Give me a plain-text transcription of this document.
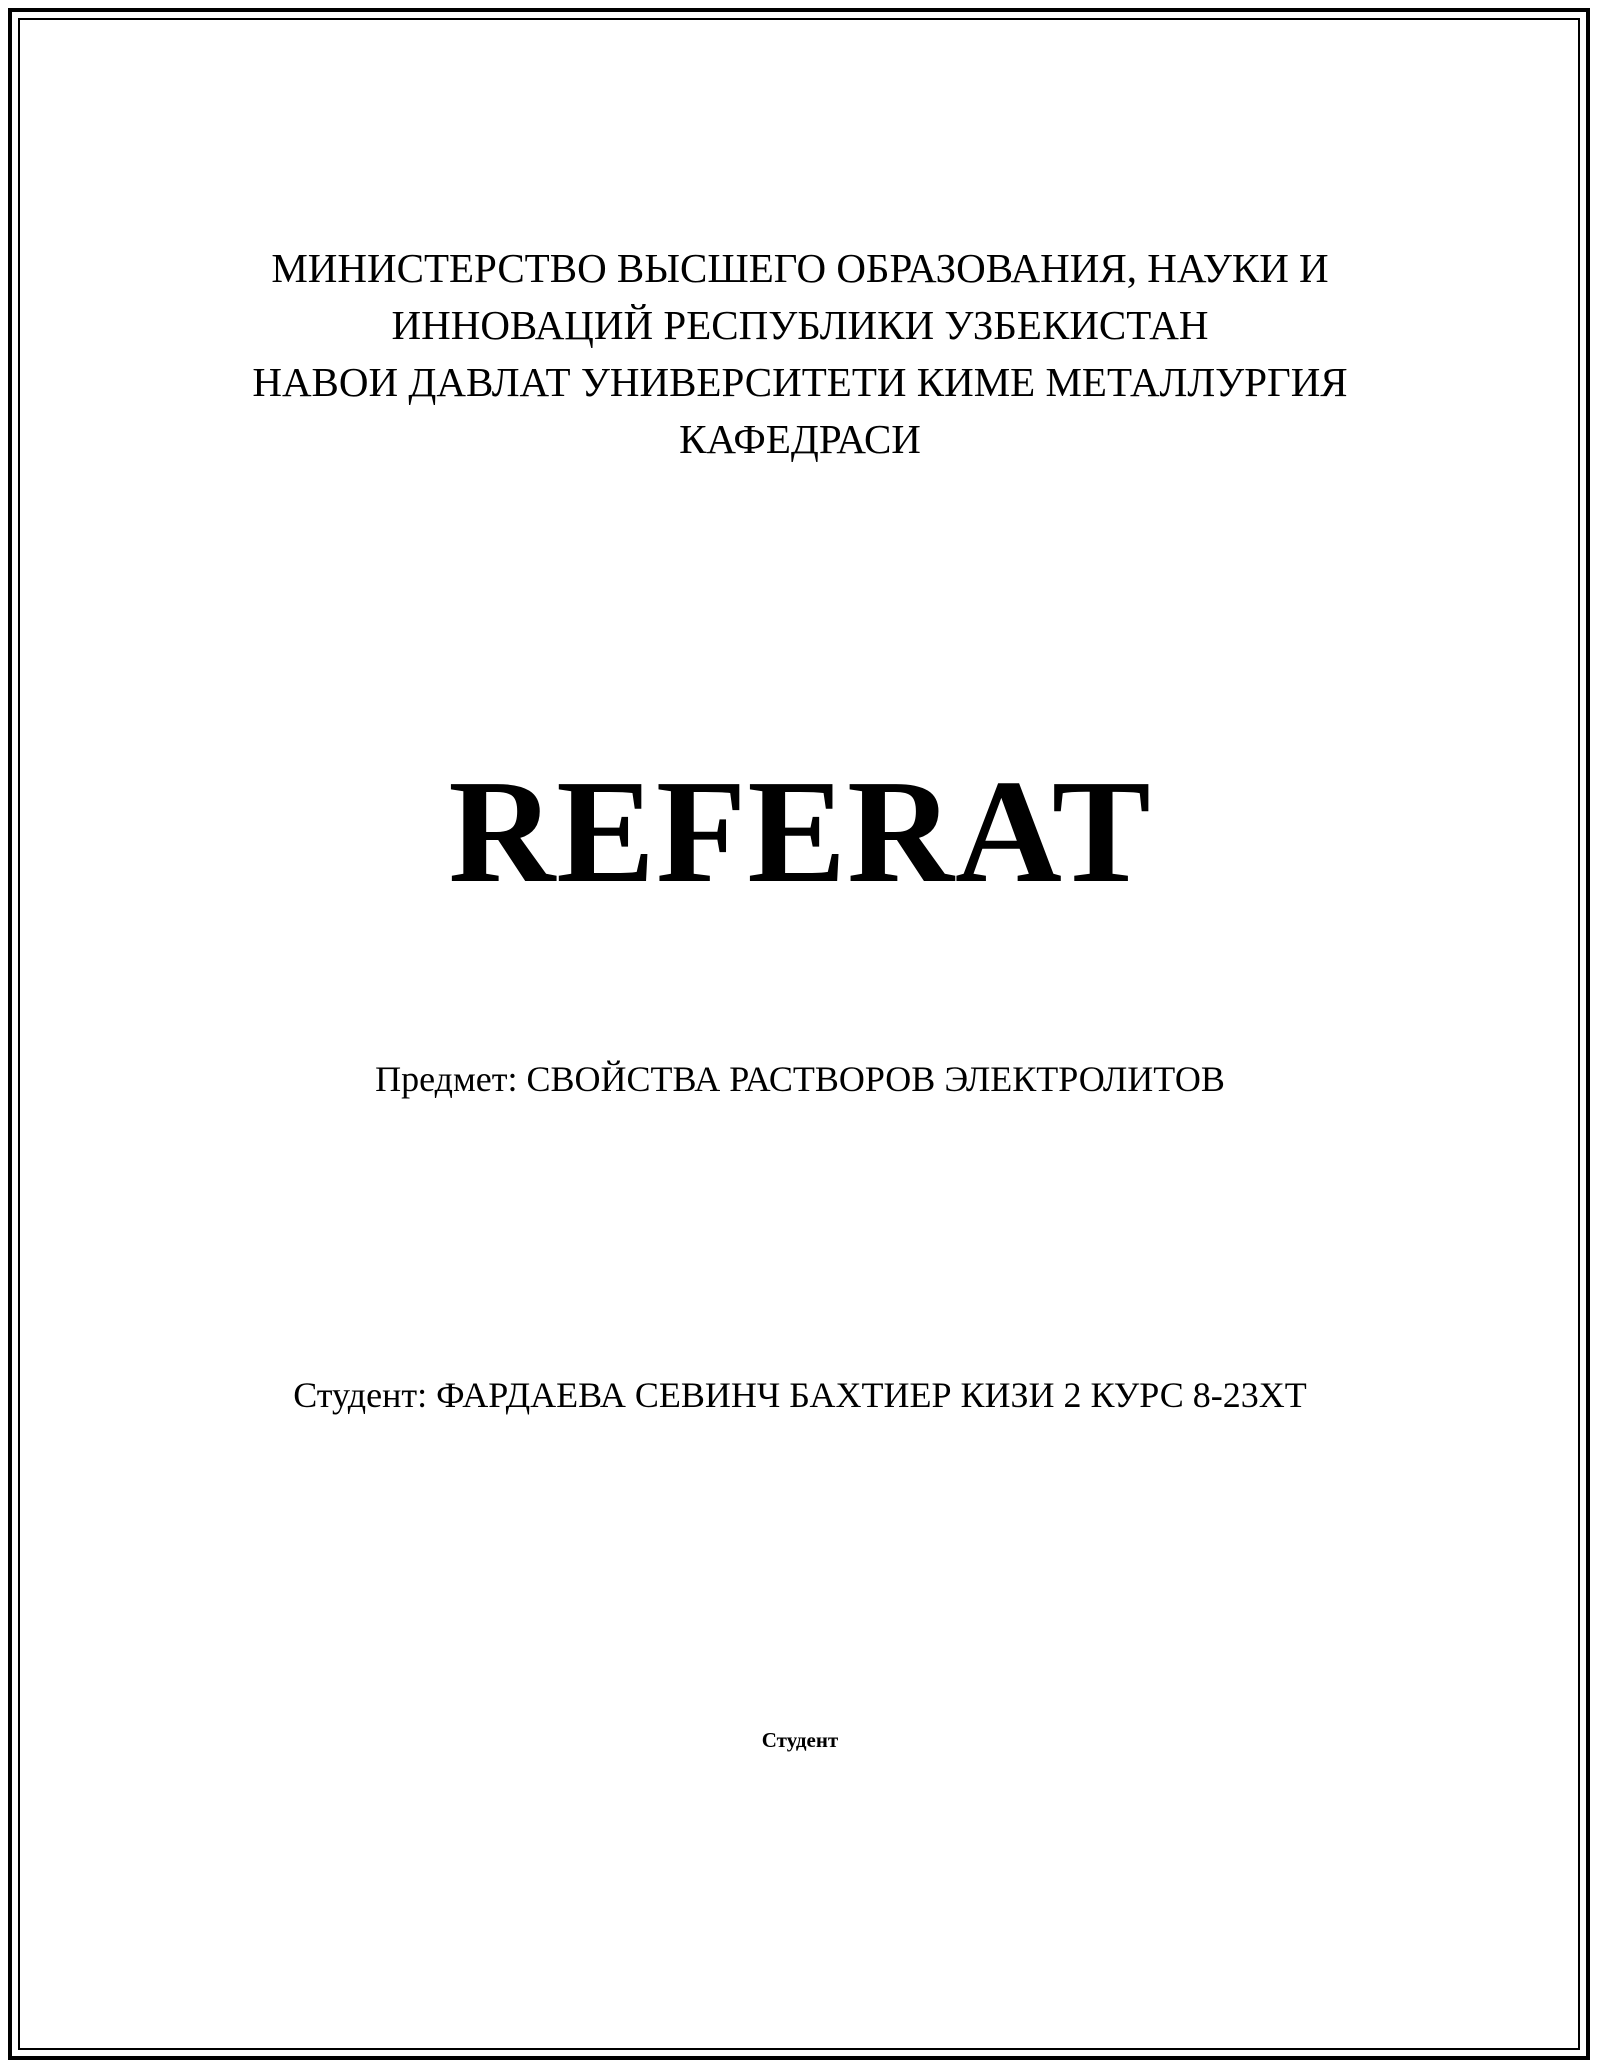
МИНИСТЕРСТВО ВЫСШЕГО ОБРАЗОВАНИЯ, НАУКИ И
ИННОВАЦИЙ РЕСПУБЛИКИ УЗБЕКИСТАН
НАВОИ ДАВЛАТ УНИВЕРСИТЕТИ КИМЕ МЕТАЛЛУРГИЯ
КАФЕДРАСИ
REFERAT
Предмет: СВОЙСТВА РАСТВОРОВ ЭЛЕКТРОЛИТОВ
Студент: ФАРДАЕВА СЕВИНЧ БАХТИЕР КИЗИ 2 КУРС 8-23ХТ
Студент
